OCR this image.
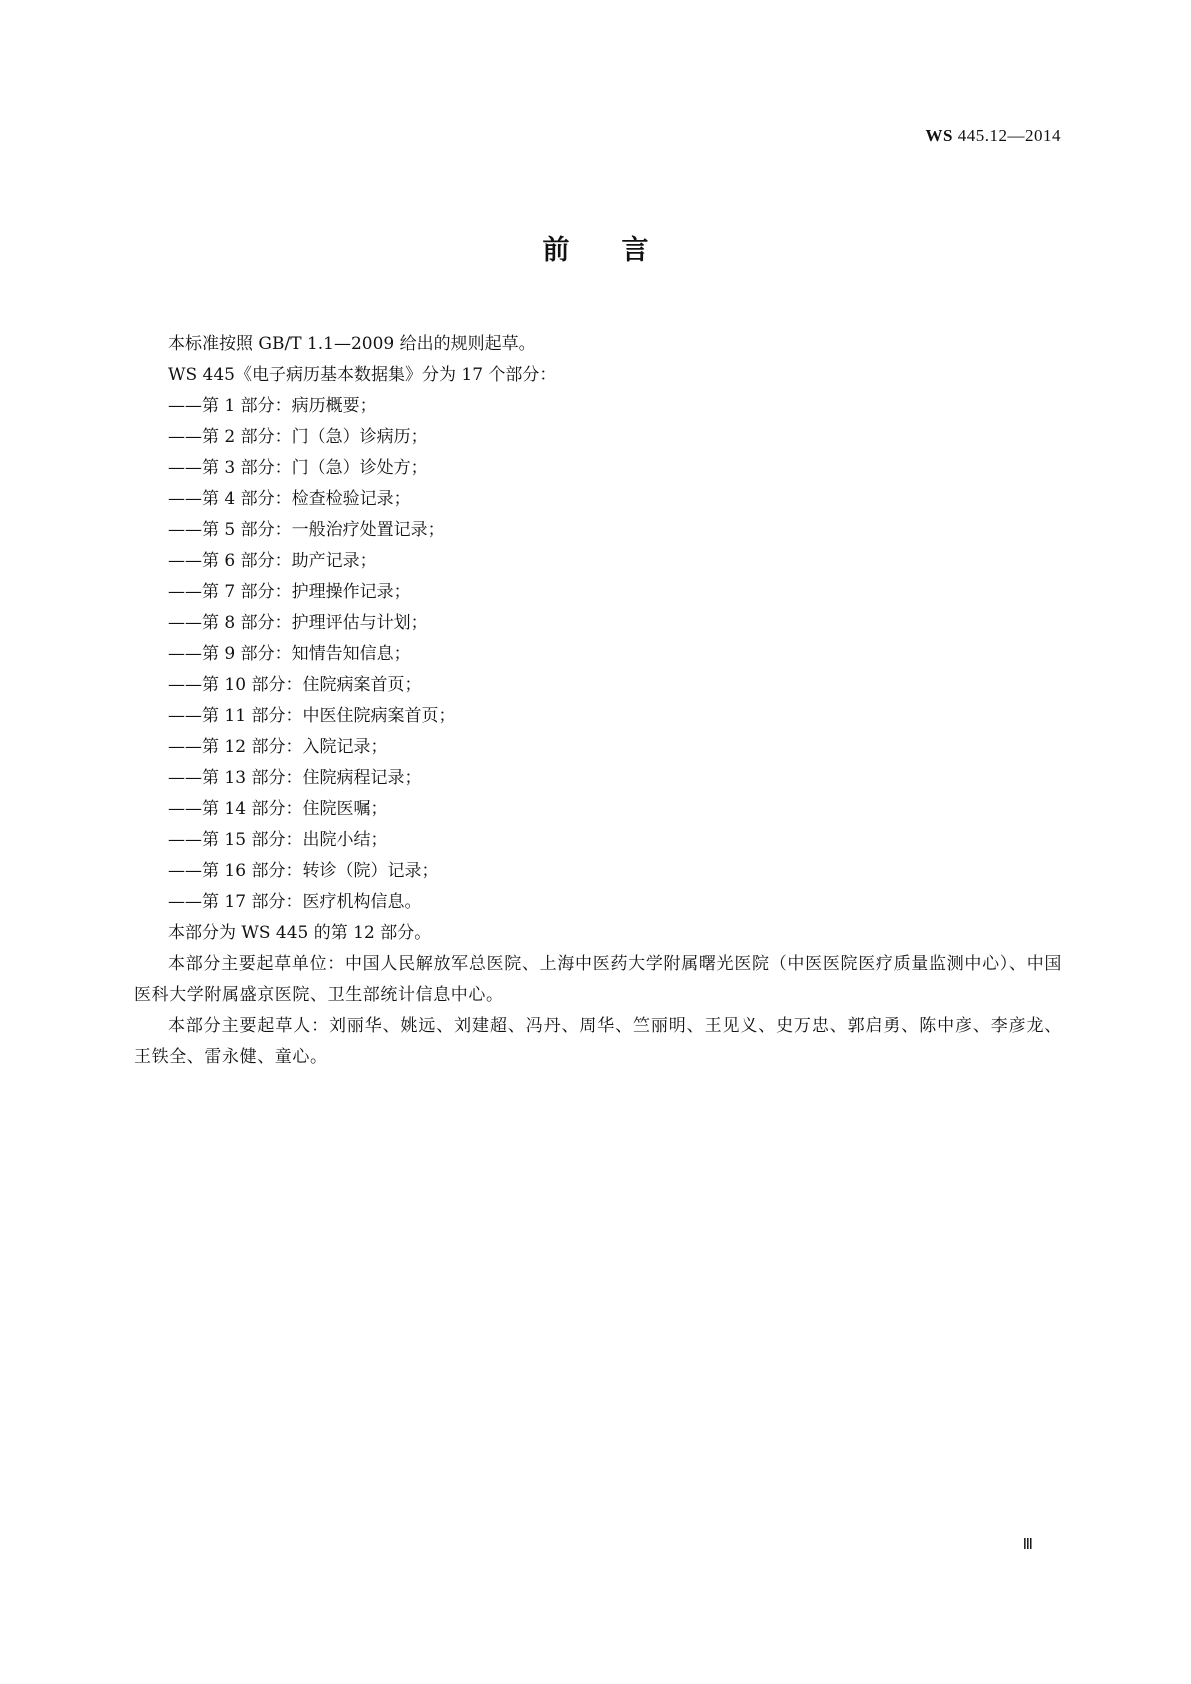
WS 445.12—2014
前言

本标准按照 GB/T 1.1—2009 给出的规则起草。

WS 445《电子病历基本数据集》分为 17 个部分：

——第 1 部分：病历概要；
——第 2 部分：门（急）诊病历；
——第 3 部分：门（急）诊处方；
——第 4 部分：检查检验记录；
——第 5 部分：一般治疗处置记录；
——第 6 部分：助产记录；
——第 7 部分：护理操作记录；
——第 8 部分：护理评估与计划；
——第 9 部分：知情告知信息；
——第 10 部分：住院病案首页；
——第 11 部分：中医住院病案首页；
——第 12 部分：入院记录；
——第 13 部分：住院病程记录；
——第 14 部分：住院医嘱；
——第 15 部分：出院小结；
——第 16 部分：转诊（院）记录；
——第 17 部分：医疗机构信息。

本部分为 WS 445 的第 12 部分。

本部分主要起草单位：中国人民解放军总医院、上海中医药大学附属曙光医院（中医医院医疗质量监测中心）、中国医科大学附属盛京医院、卫生部统计信息中心。

本部分主要起草人：刘丽华、姚远、刘建超、冯丹、周华、竺丽明、王见义、史万忠、郭启勇、陈中彦、李彦龙、王铁全、雷永健、童心。

Ⅲ
